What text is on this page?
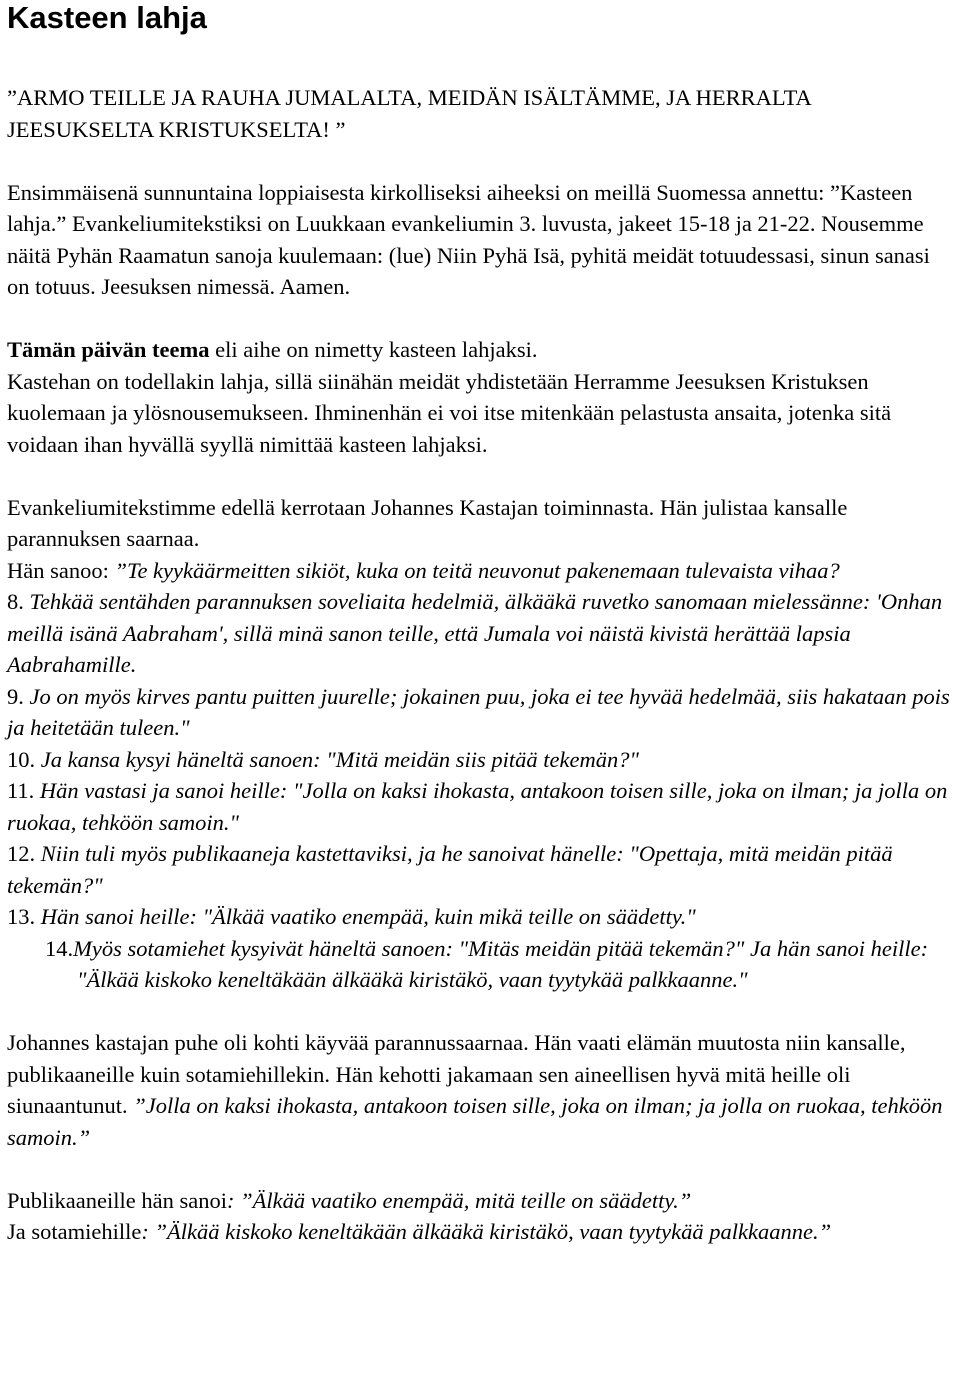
Kasteen lahja

”ARMO TEILLE JA RAUHA JUMALALTA, MEIDÄN ISÄLTÄMME, JA HERRALTA JEESUKSELTA KRISTUKSELTA! ”

Ensimmäisenä sunnuntaina loppiaisesta kirkolliseksi aiheeksi on meillä Suomessa annettu: ”Kasteen lahja.” Evankeliumitekstiksi on Luukkaan evankeliumin 3. luvusta, jakeet 15-18 ja 21-22. Nousemme näitä Pyhän Raamatun sanoja kuulemaan: (lue) Niin Pyhä Isä, pyhitä meidät totuudessasi, sinun sanasi on totuus. Jeesuksen nimessä. Aamen.

Tämän päivän teema eli aihe on nimetty kasteen lahjaksi.

Kastehan on todellakin lahja, sillä siinähän meidät yhdistetään Herramme Jeesuksen Kristuksen kuolemaan ja ylösnousemukseen. Ihminenhän ei voi itse mitenkään pelastusta ansaita, jotenka sitä voidaan ihan hyvällä syyllä nimittää kasteen lahjaksi.

Evankeliumitekstimme edellä kerrotaan Johannes Kastajan toiminnasta. Hän julistaa kansalle parannuksen saarnaa.

Hän sanoo: ”Te kyykäärmeitten sikiöt, kuka on teitä neuvonut pakenemaan tulevaista vihaa?

8. Tehkää sentähden parannuksen soveliaita hedelmiä, älkääkä ruvetko sanomaan mielessänne: 'Onhan meillä isänä Aabraham', sillä minä sanon teille, että Jumala voi näistä kivistä herättää lapsia Aabrahamille.

9. Jo on myös kirves pantu puitten juurelle; jokainen puu, joka ei tee hyvää hedelmää, siis hakataan pois ja heitetään tuleen."

10. Ja kansa kysyi häneltä sanoen: "Mitä meidän siis pitää tekemän?"

11. Hän vastasi ja sanoi heille: "Jolla on kaksi ihokasta, antakoon toisen sille, joka on ilman; ja jolla on ruokaa, tehköön samoin."

12. Niin tuli myös publikaaneja kastettaviksi, ja he sanoivat hänelle: "Opettaja, mitä meidän pitää tekemän?"

13. Hän sanoi heille: "Älkää vaatiko enempää, kuin mikä teille on säädetty."

14.Myös sotamiehet kysyivät häneltä sanoen: "Mitäs meidän pitää tekemän?" Ja hän sanoi heille: "Älkää kiskoko keneltäkään älkääkä kiristäkö, vaan tyytykää palkkaanne."

Johannes kastajan puhe oli kohti käyvää parannussaarnaa. Hän vaati elämän muutosta niin kansalle, publikaaneille kuin sotamiehillekin. Hän kehotti jakamaan sen aineellisen hyvä mitä heille oli siunaantunut. ”Jolla on kaksi ihokasta, antakoon toisen sille, joka on ilman; ja jolla on ruokaa, tehköön samoin.”

Publikaaneille hän sanoi: ”Älkää vaatiko enempää, mitä teille on säädetty.”

Ja sotamiehille: ”Älkää kiskoko keneltäkään älkääkä kiristäkö, vaan tyytykää palkkaanne.”
